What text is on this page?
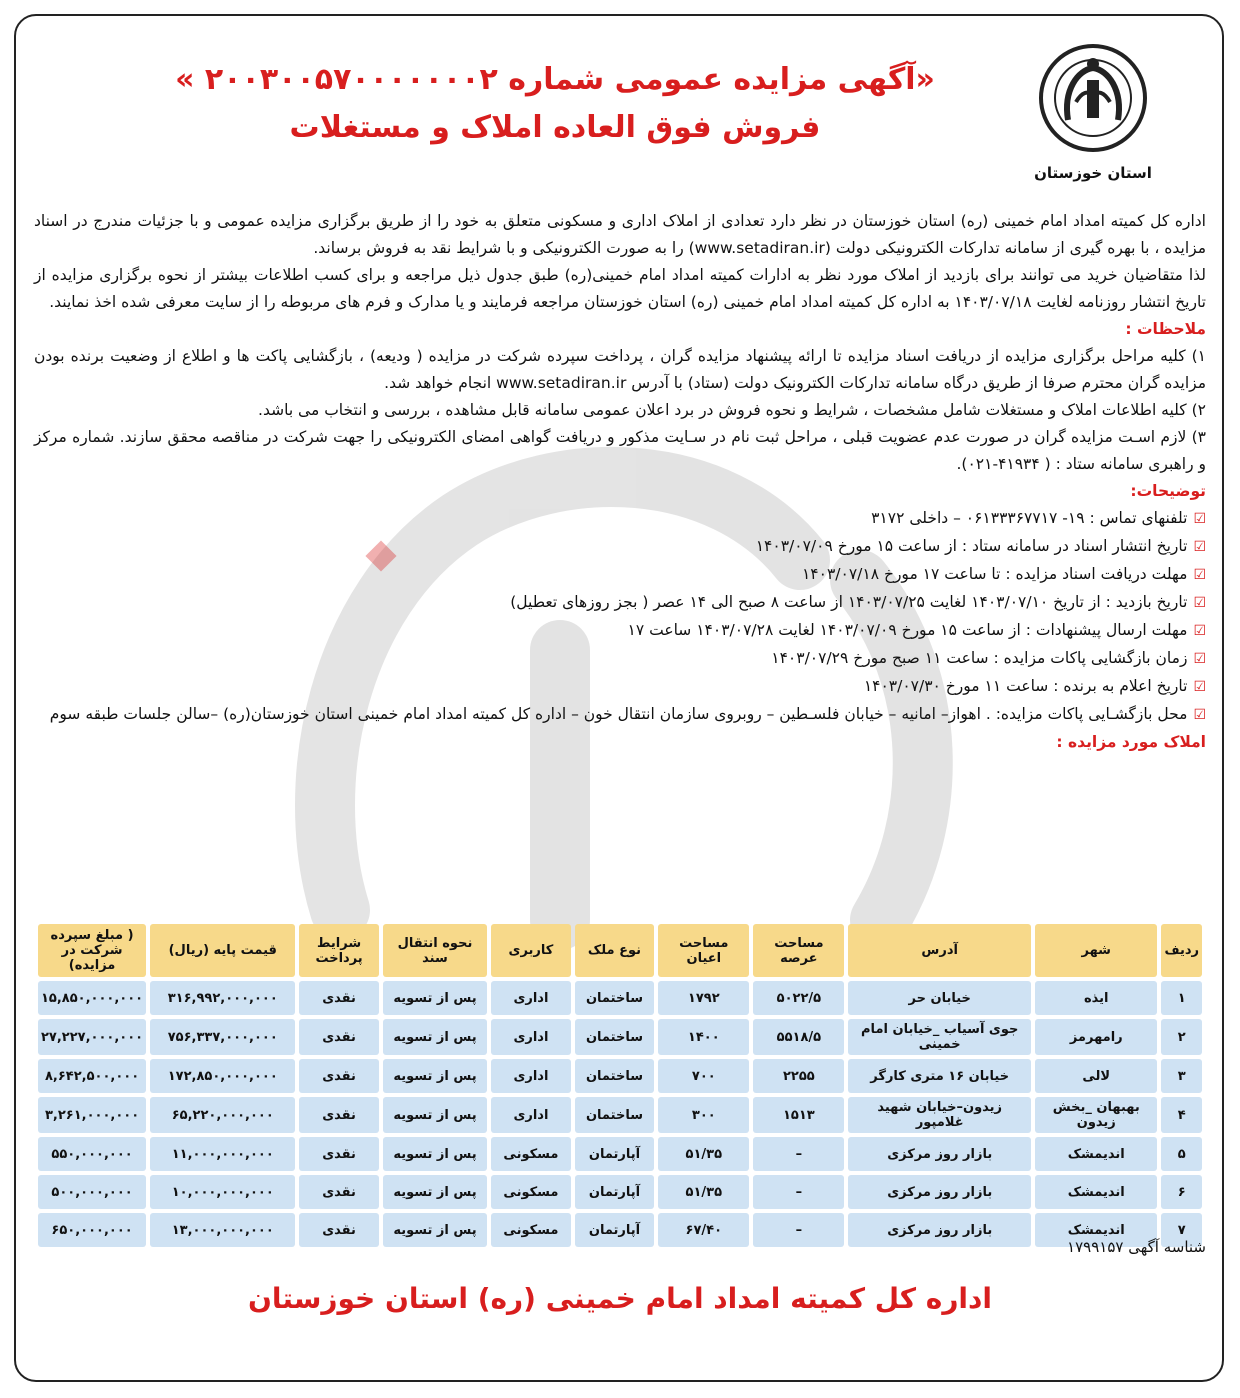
استان خوزستان
«آگهی مزایده عمومی شماره ۲۰۰۳۰۰۵۷۰۰۰۰۰۰۰۲ »
فروش فوق العاده املاک و مستغلات

اداره کل کمیته امداد امام خمینی (ره) استان خوزستان در نظر دارد تعدادی از املاک اداری و مسکونی متعلق به خود را از طریق برگزاری مزایده عمومی و با جزئیات مندرج در اسناد مزایده ، با بهره گیری از سامانه تدارکات الکترونیکی دولت (www.setadiran.ir) را به صورت الکترونیکی و با شرایط نقد به فروش برساند.

لذا متقاضیان خرید می توانند برای بازدید از املاک مورد نظر به ادارات کمیته امداد امام خمینی(ره) طبق جدول ذیل مراجعه و برای کسب اطلاعات بیشتر از نحوه برگزاری مزایده از تاریخ انتشار روزنامه لغایت ۱۴۰۳/۰۷/۱۸ به اداره کل کمیته امداد امام خمینی (ره) استان خوزستان مراجعه فرمایند و یا مدارک و فرم های مربوطه را از سایت معرفی شده اخذ نمایند.

ملاحظات :

۱) کلیه مراحل برگزاری مزایده از دریافت اسناد مزایده تا ارائه پیشنهاد مزایده گران ، پرداخت سپرده شرکت در مزایده ( ودیعه) ، بازگشایی پاکت ها و اطلاع از وضعیت برنده بودن مزایده گران محترم صرفا از طریق درگاه سامانه تدارکات الکترونیک دولت (ستاد) با آدرس www.setadiran.ir انجام خواهد شد.

۲) کلیه اطلاعات املاک و مستغلات شامل مشخصات ، شرایط و نحوه فروش در برد اعلان عمومی سامانه قابل مشاهده ، بررسی و انتخاب می باشد.

۳) لازم اسـت مزایده گران در صورت عدم عضویت قبلی ، مراحل ثبت نام در سـایت مذکور و دریافت گواهی امضای الکترونیکی را جهت شرکت در مناقصه محقق سازند. شماره مرکز و راهبری سامانه ستاد : ( ۴۱۹۳۴-۰۲۱).

توضیحات:

☑
تلفنهای تماس : ۱۹- ۰۶۱۳۳۳۶۷۷۱۷ – داخلی ۳۱۷۲
☑
تاریخ انتشار اسناد در سامانه ستاد : از ساعت ۱۵ مورخ ۱۴۰۳/۰۷/۰۹
☑
مهلت دریافت اسناد مزایده : تا ساعت ۱۷ مورخ ۱۴۰۳/۰۷/۱۸
☑
تاریخ بازدید : از تاریخ ۱۴۰۳/۰۷/۱۰ لغایت ۱۴۰۳/۰۷/۲۵ از ساعت ۸ صبح الی ۱۴ عصر ( بجز روزهای تعطیل)
☑
مهلت ارسال پیشنهادات : از ساعت ۱۵ مورخ ۱۴۰۳/۰۷/۰۹ لغایت ۱۴۰۳/۰۷/۲۸ ساعت ۱۷
☑
زمان بازگشایی پاکات مزایده : ساعت ۱۱ صبح مورخ ۱۴۰۳/۰۷/۲۹
☑
تاریخ اعلام به برنده : ساعت ۱۱ مورخ ۱۴۰۳/۰۷/۳۰
☑
محل بازگشـایی پاکات مزایده: . اهواز– امانیه – خیابان فلسـطین – روبروی سازمان انتقال خون – اداره کل کمیته امداد امام خمینی استان خوزستان(ره) –سالن جلسات طبقه سوم

املاک مورد مزایده :

ردیف	شهر	آدرس	مساحت عرصه	مساحت اعیان	نوع ملک	کاربری	نحوه انتقال سند	شرایط پرداخت	قیمت پایه (ریال)	( مبلغ سپرده شرکت در مزایده)
۱	ایذه	خیابان حر	۵۰۲۲/۵	۱۷۹۲	ساختمان	اداری	پس از تسویه	نقدی	۳۱۶,۹۹۲,۰۰۰,۰۰۰	۱۵,۸۵۰,۰۰۰,۰۰۰
۲	رامهرمز	جوی آسیاب _خیابان امام خمینی	۵۵۱۸/۵	۱۴۰۰	ساختمان	اداری	پس از تسویه	نقدی	۷۵۶,۳۳۷,۰۰۰,۰۰۰	۲۷,۲۲۷,۰۰۰,۰۰۰
۳	لالی	خیابان ۱۶ متری کارگر	۲۲۵۵	۷۰۰	ساختمان	اداری	پس از تسویه	نقدی	۱۷۲,۸۵۰,۰۰۰,۰۰۰	۸,۶۴۲,۵۰۰,۰۰۰
۴	بهبهان _بخش زیدون	زیدون–خیابان شهید غلامپور	۱۵۱۳	۳۰۰	ساختمان	اداری	پس از تسویه	نقدی	۶۵,۲۲۰,۰۰۰,۰۰۰	۳,۲۶۱,۰۰۰,۰۰۰
۵	اندیمشک	بازار روز مرکزی	–	۵۱/۳۵	آپارتمان	مسکونی	پس از تسویه	نقدی	۱۱,۰۰۰,۰۰۰,۰۰۰	۵۵۰,۰۰۰,۰۰۰
۶	اندیمشک	بازار روز مرکزی	–	۵۱/۳۵	آپارتمان	مسکونی	پس از تسویه	نقدی	۱۰,۰۰۰,۰۰۰,۰۰۰	۵۰۰,۰۰۰,۰۰۰
۷	اندیمشک	بازار روز مرکزی	–	۶۷/۴۰	آپارتمان	مسکونی	پس از تسویه	نقدی	۱۳,۰۰۰,۰۰۰,۰۰۰	۶۵۰,۰۰۰,۰۰۰
شناسه آگهی ۱۷۹۹۱۵۷
اداره کل کمیته امداد امام خمینی (ره) استان خوزستان
